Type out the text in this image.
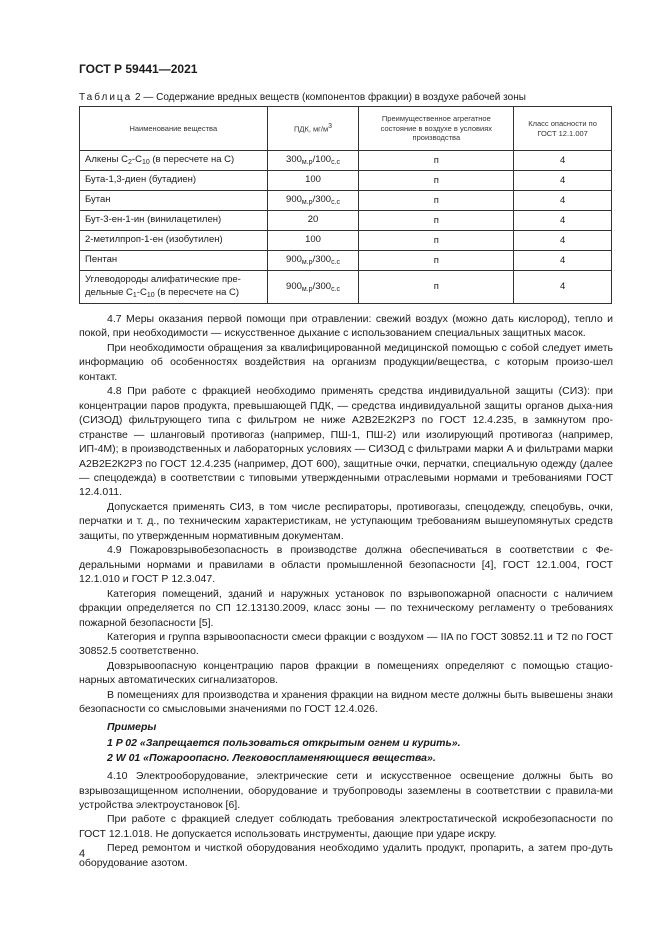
ГОСТ Р 59441—2021
Таблица 2 — Содержание вредных веществ (компонентов фракции) в воздухе рабочей зоны
Наименование вещества	ПДК, $мг/м^3$	Преимущественное агрегатное состояние в воздухе в условиях производства	Класс опасности по ГОСТ 12.1.007
Алкены $C_2-C_{10}$ (в пересчете на C)	$300_{м.р}/100_{с.с}$	п	4
Бута-1,3-диен (бутадиен)	100	п	4
Бутан	$900_{м.р}/300_{с.с}$	п	4
Бут-3-ен-1-ин (винилацетилен)	20	п	4
2-метилпроп-1-ен (изобутилен)	100	п	4
Пентан	$900_{м.р}/300_{с.с}$	п	4
Углеводороды алифатические пре-дельные $C_1-C_{10}$ (в пересчете на C)	$900_{м.р}/300_{с.с}$	п	4

4.7 Меры оказания первой помощи при отравлении: свежий воздух (можно дать кислород), тепло и покой, при необходимости — искусственное дыхание с использованием специальных защитных масок.

При необходимости обращения за квалифицированной медицинской помощью с собой следует иметь информацию об особенностях воздействия на организм продукции/вещества, с которым произо-шел контакт.

4.8 При работе с фракцией необходимо применять средства индивидуальной защиты (СИЗ): при концентрации паров продукта, превышающей ПДК, — средства индивидуальной защиты органов дыха-ния (СИЗОД) фильтрующего типа с фильтром не ниже А2В2Е2К2Р3 по ГОСТ 12.4.235, в замкнутом про-странстве — шланговый противогаз (например, ПШ-1, ПШ-2) или изолирующий противогаз (например, ИП-4М); в производственных и лабораторных условиях — СИЗОД с фильтрами марки А и фильтрами марки А2В2Е2К2Р3 по ГОСТ 12.4.235 (например, ДОТ 600), защитные очки, перчатки, специальную одежду (далее — спецодежда) в соответствии с типовыми утвержденными отраслевыми нормами и требованиями ГОСТ 12.4.011.

Допускается применять СИЗ, в том числе респираторы, противогазы, спецодежду, спецобувь, очки, перчатки и т. д., по техническим характеристикам, не уступающим требованиям вышеупомянутых средств защиты, по утвержденным нормативным документам.

4.9 Пожаровзрывобезопасность в производстве должна обеспечиваться в соответствии с Фе-деральными нормами и правилами в области промышленной безопасности [4], ГОСТ 12.1.004, ГОСТ 12.1.010 и ГОСТ Р 12.3.047.

Категория помещений, зданий и наружных установок по взрывопожарной опасности с наличием фракции определяется по СП 12.13130.2009, класс зоны — по техническому регламенту о требованиях пожарной безопасности [5].

Категория и группа взрывоопасности смеси фракции с воздухом — IIA по ГОСТ 30852.11 и Т2 по ГОСТ 30852.5 соответственно.

Довзрывоопасную концентрацию паров фракции в помещениях определяют с помощью стацио-нарных автоматических сигнализаторов.

В помещениях для производства и хранения фракции на видном месте должны быть вывешены знаки безопасности со смысловыми значениями по ГОСТ 12.4.026.

Примеры

1 P 02 «Запрещается пользоваться открытым огнем и курить».

2 W 01 «Пожароопасно. Легковоспламеняющиеся вещества».

4.10 Электрооборудование, электрические сети и искусственное освещение должны быть во взрывозащищенном исполнении, оборудование и трубопроводы заземлены в соответствии с правила-ми устройства электроустановок [6].

При работе с фракцией следует соблюдать требования электростатической искробезопасности по ГОСТ 12.1.018. Не допускается использовать инструменты, дающие при ударе искру.

Перед ремонтом и чисткой оборудования необходимо удалить продукт, пропарить, а затем про-дуть оборудование азотом.

4
